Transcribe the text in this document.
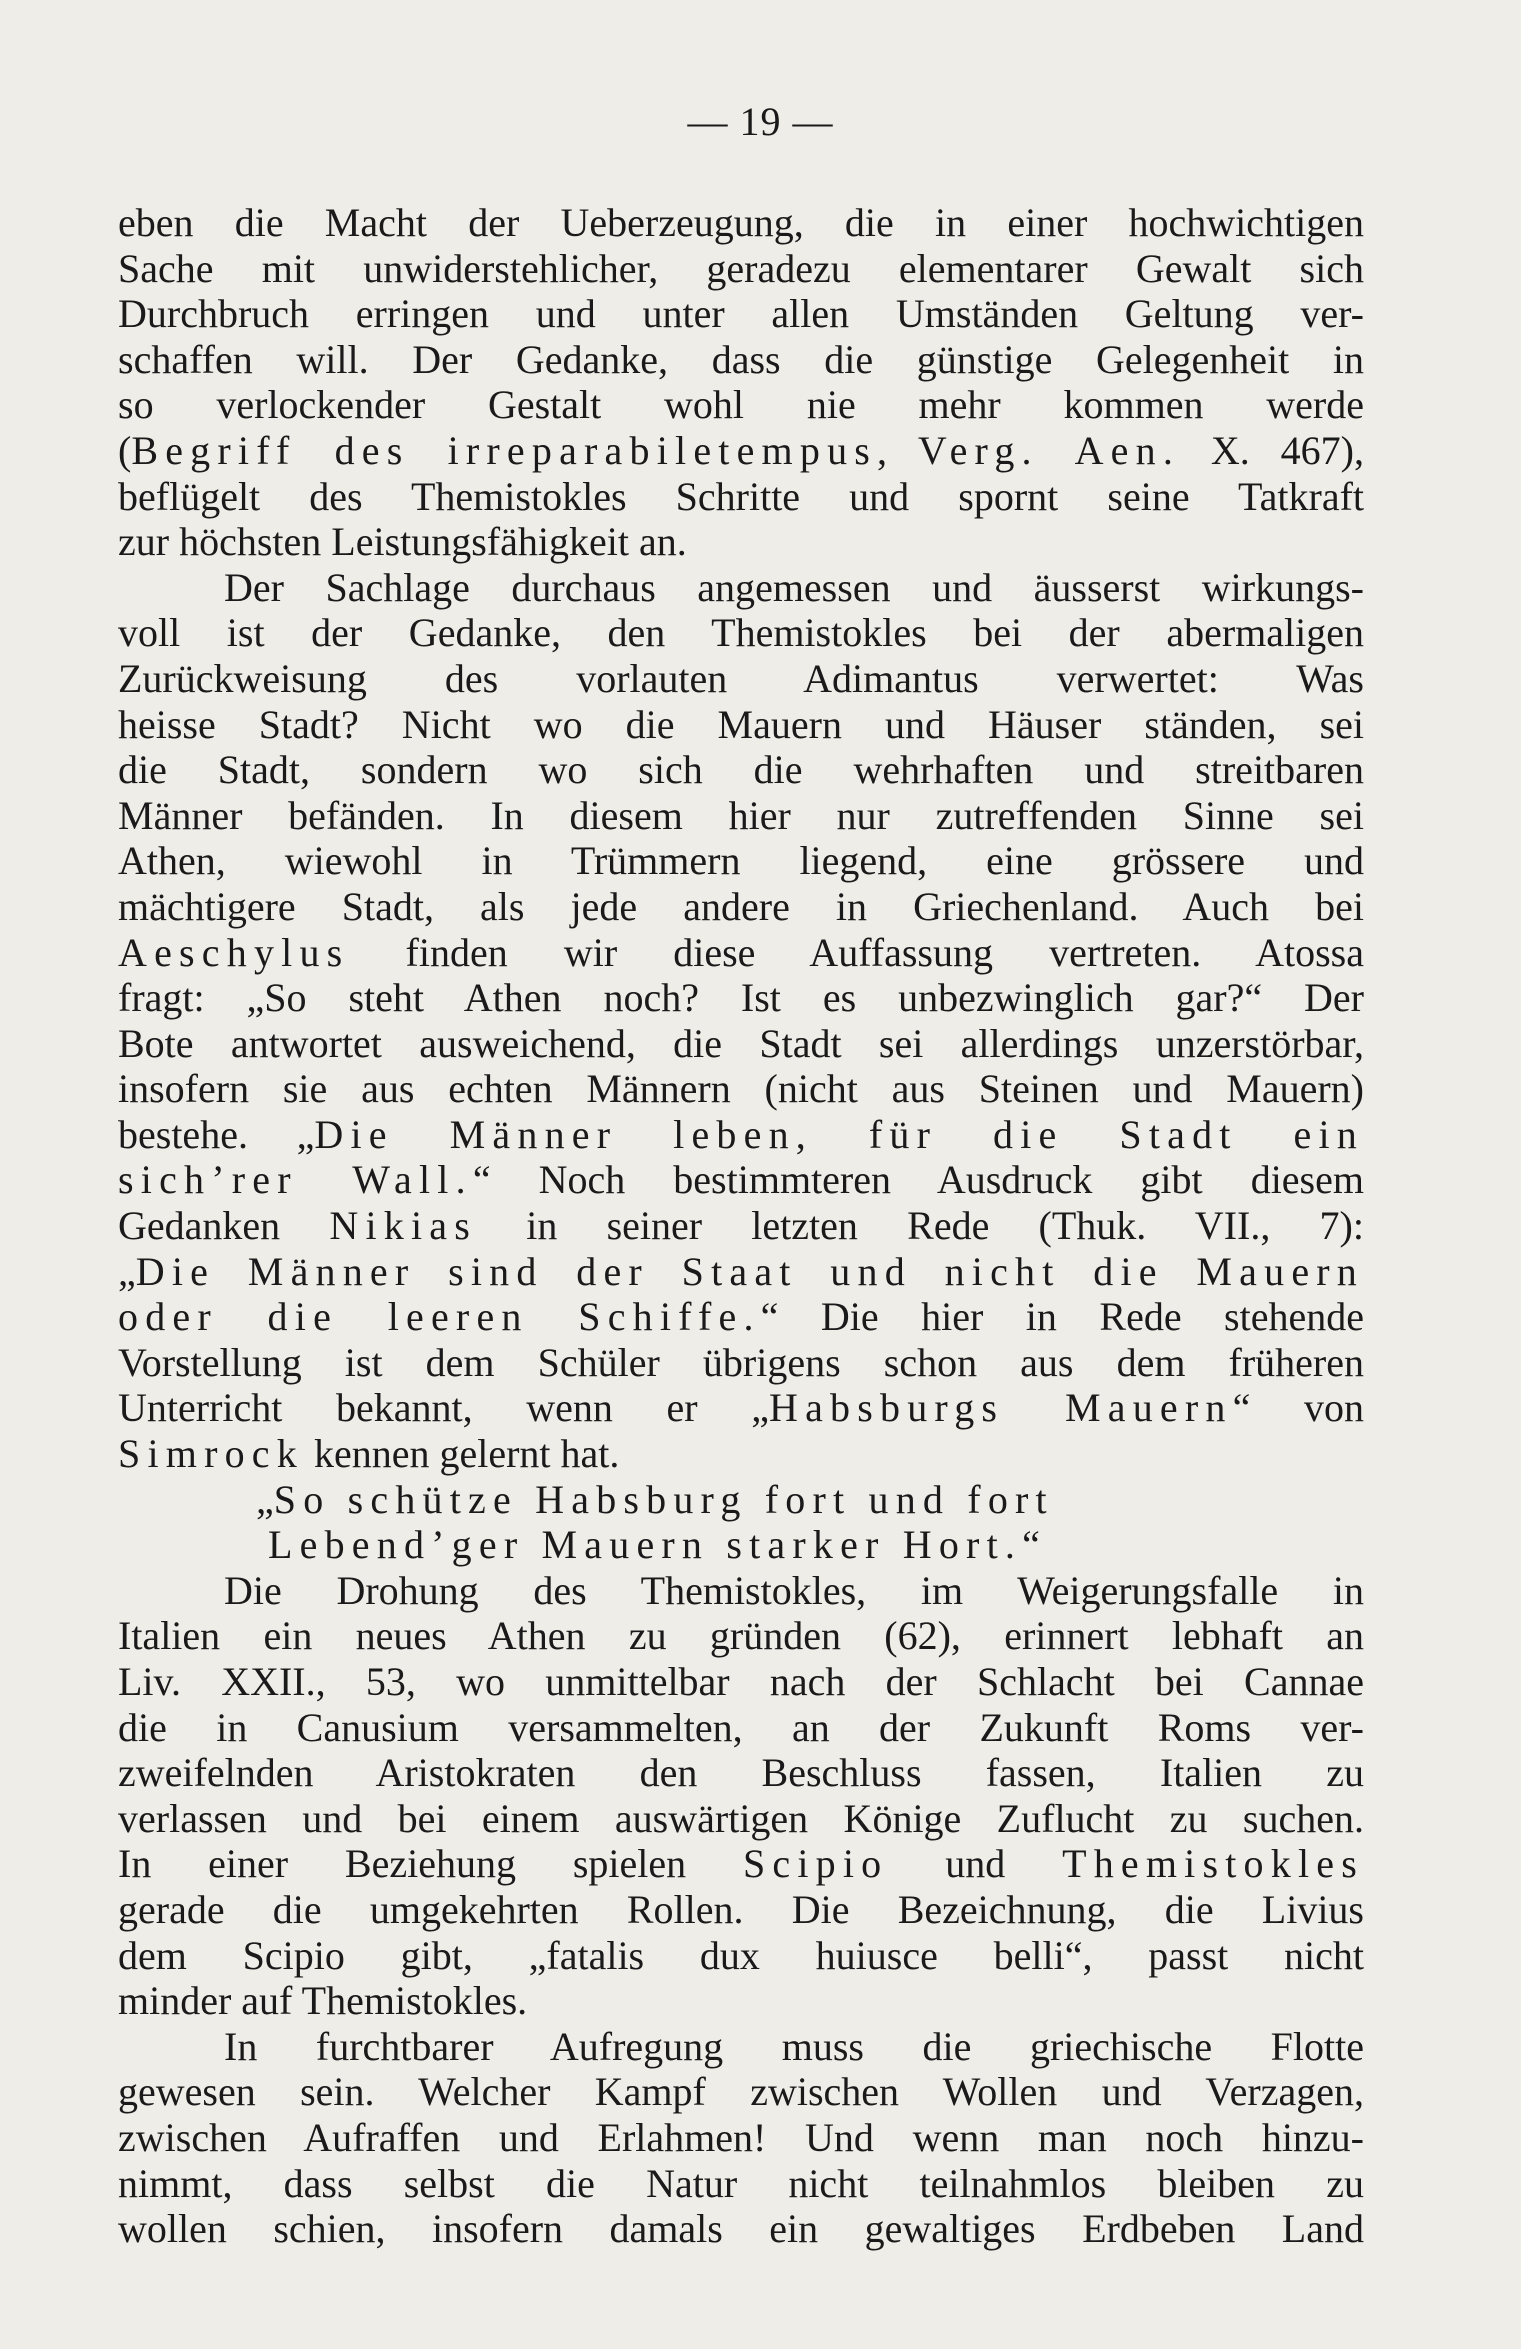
— 19 —
eben die Macht der Ueberzeugung, die in einer hochwichtigen
Sache mit unwiderstehlicher, geradezu elementarer Gewalt sich
Durchbruch erringen und unter allen Umständen Geltung ver-
schaffen will. Der Gedanke, dass die günstige Gelegenheit in
so verlockender Gestalt wohl nie mehr kommen werde
(Begriff des irreparabiletempus, Verg. Aen. X. 467),
beflügelt des Themistokles Schritte und spornt seine Tatkraft
zur höchsten Leistungsfähigkeit an.
Der Sachlage durchaus angemessen und äusserst wirkungs-
voll ist der Gedanke, den Themistokles bei der abermaligen
Zurückweisung des vorlauten Adimantus verwertet: Was
heisse Stadt? Nicht wo die Mauern und Häuser ständen, sei
die Stadt, sondern wo sich die wehrhaften und streitbaren
Männer befänden. In diesem hier nur zutreffenden Sinne sei
Athen, wiewohl in Trümmern liegend, eine grössere und
mächtigere Stadt, als jede andere in Griechenland. Auch bei
Aeschylus finden wir diese Auffassung vertreten. Atossa
fragt: „So steht Athen noch? Ist es unbezwinglich gar?“ Der
Bote antwortet ausweichend, die Stadt sei allerdings unzerstörbar,
insofern sie aus echten Männern (nicht aus Steinen und Mauern)
bestehe. „Die Männer leben, für die Stadt ein
sich’rer Wall.“ Noch bestimmteren Ausdruck gibt diesem
Gedanken Nikias in seiner letzten Rede (Thuk. VII., 7):
„Die Männer sind der Staat und nicht die Mauern
oder die leeren Schiffe.“ Die hier in Rede stehende
Vorstellung ist dem Schüler übrigens schon aus dem früheren
Unterricht bekannt, wenn er „Habsburgs Mauern“ von
Simrock kennen gelernt hat.
„So schütze Habsburg fort und fort
Lebend’ger Mauern starker Hort.“
Die Drohung des Themistokles, im Weigerungsfalle in
Italien ein neues Athen zu gründen (62), erinnert lebhaft an
Liv. XXII., 53, wo unmittelbar nach der Schlacht bei Cannae
die in Canusium versammelten, an der Zukunft Roms ver-
zweifelnden Aristokraten den Beschluss fassen, Italien zu
verlassen und bei einem auswärtigen Könige Zuflucht zu suchen.
In einer Beziehung spielen Scipio und Themistokles
gerade die umgekehrten Rollen. Die Bezeichnung, die Livius
dem Scipio gibt, „fatalis dux huiusce belli“, passt nicht
minder auf Themistokles.
In furchtbarer Aufregung muss die griechische Flotte
gewesen sein. Welcher Kampf zwischen Wollen und Verzagen,
zwischen Aufraffen und Erlahmen! Und wenn man noch hinzu-
nimmt, dass selbst die Natur nicht teilnahmlos bleiben zu
wollen schien, insofern damals ein gewaltiges Erdbeben Land
